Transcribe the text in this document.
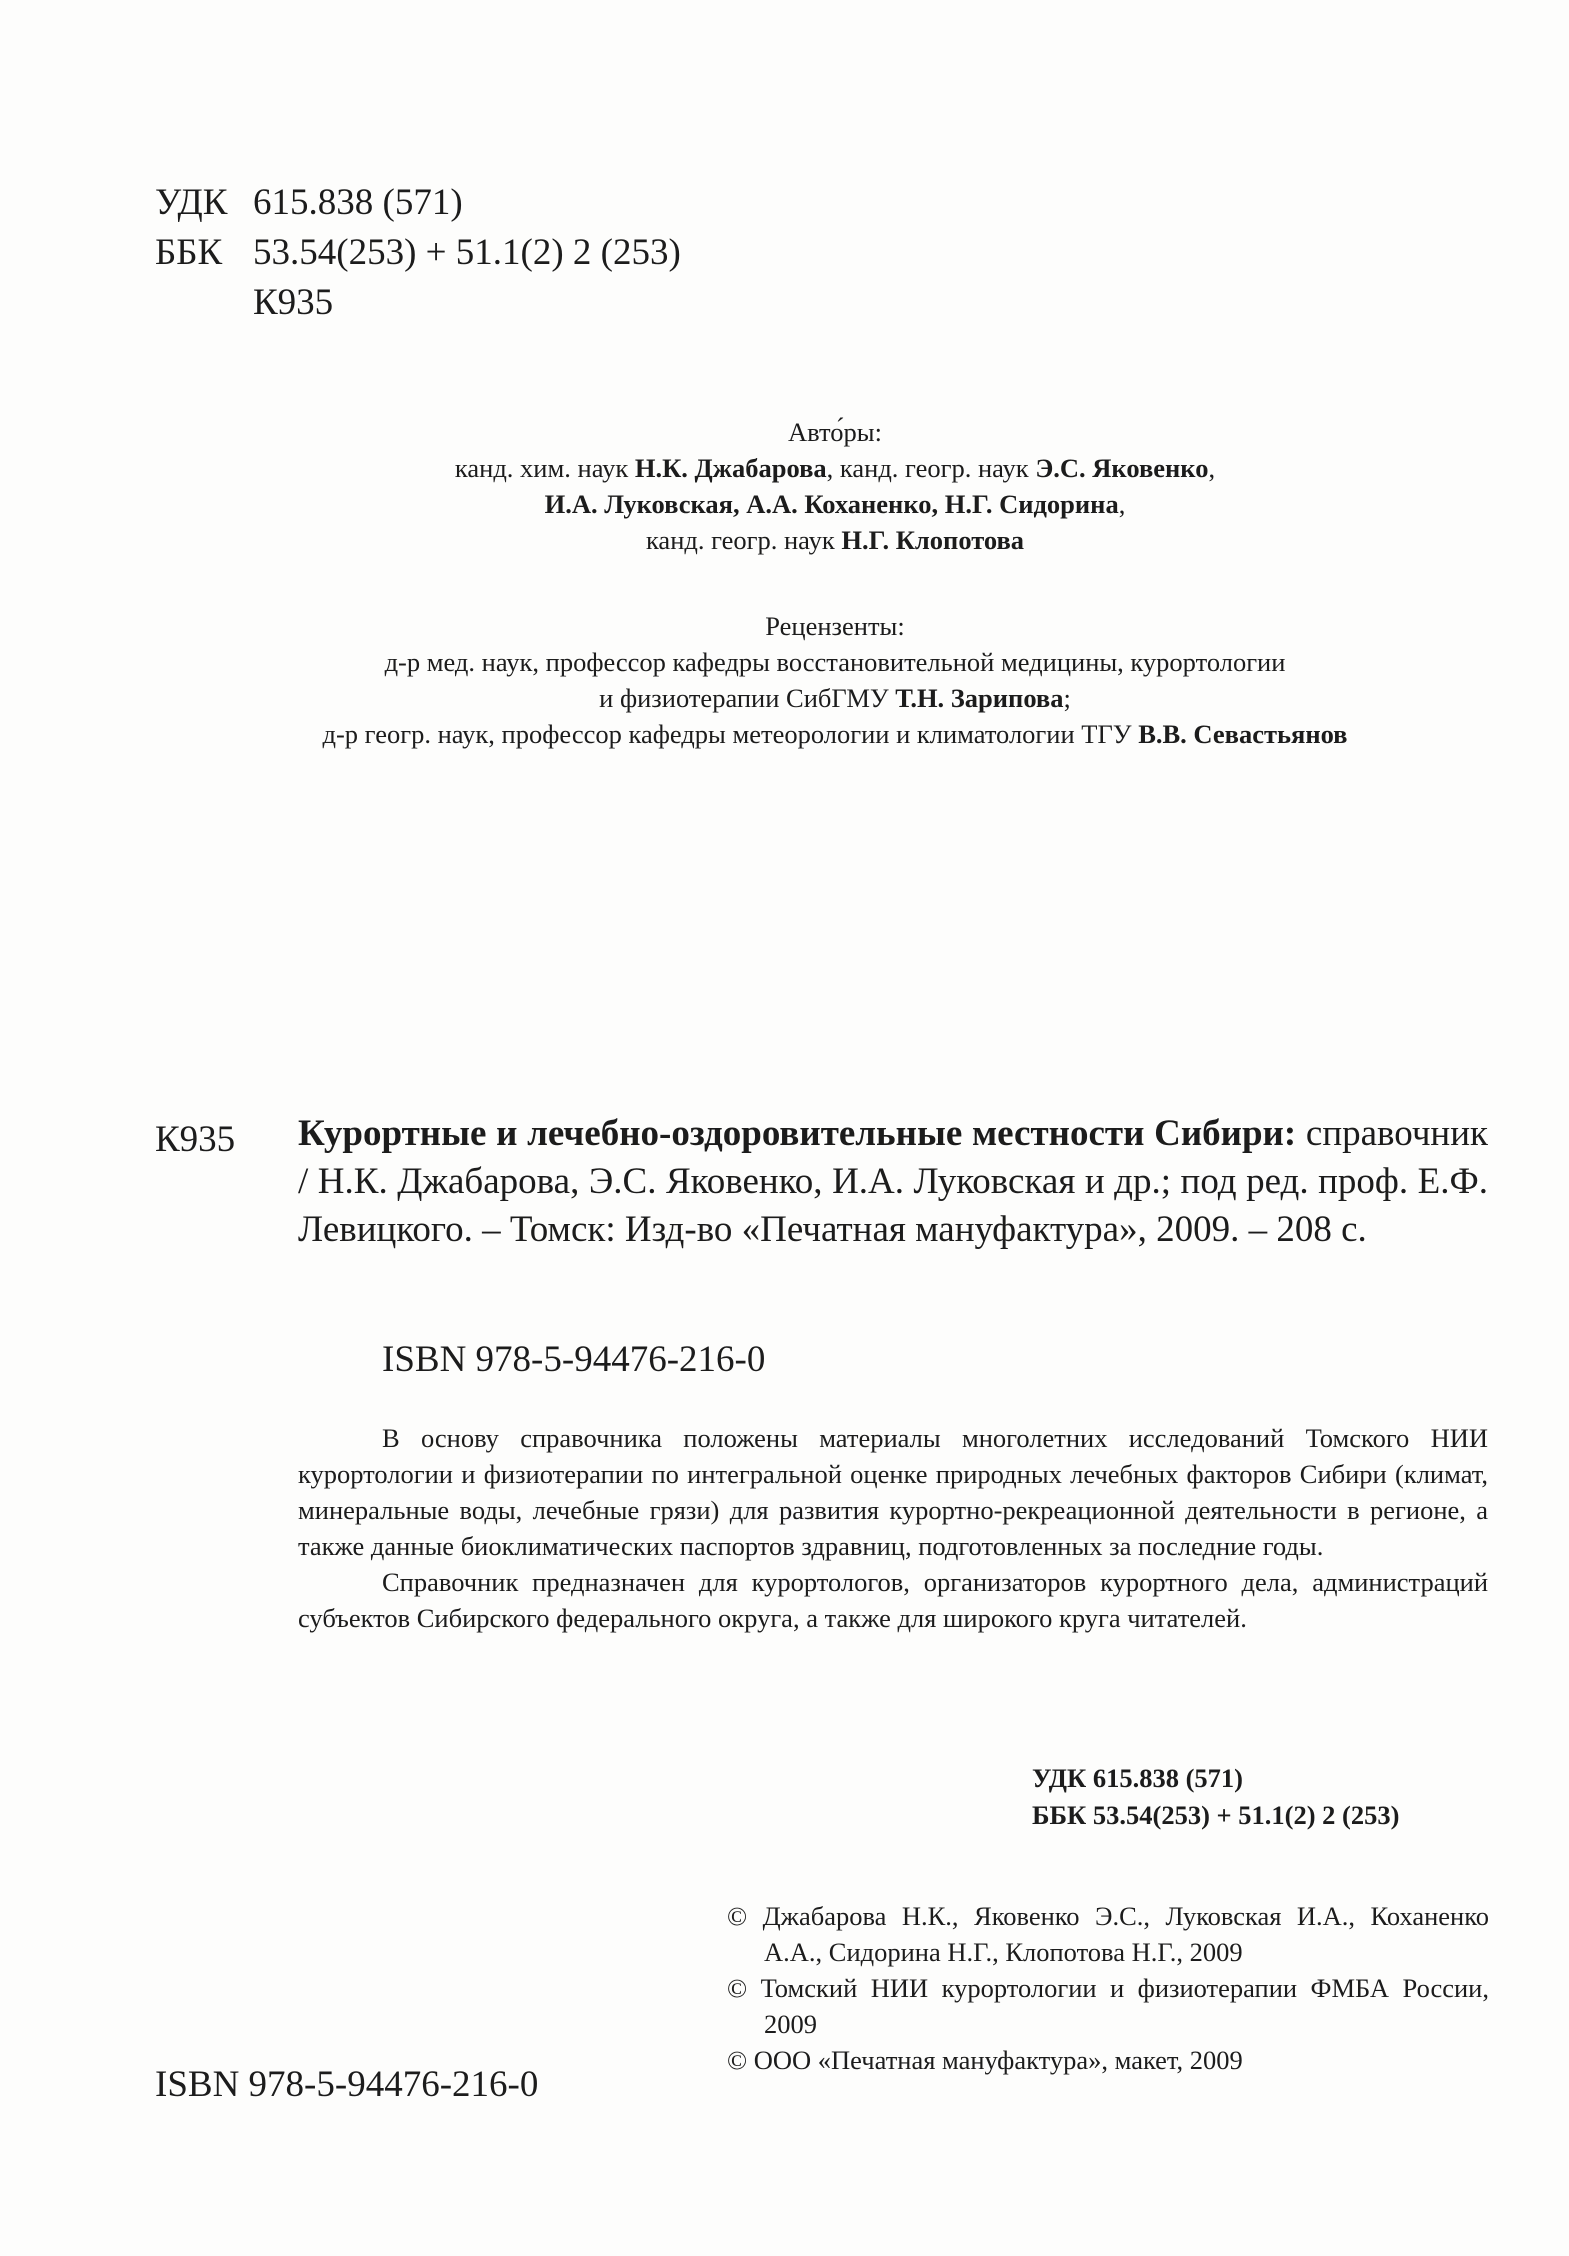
УДК 615.838 (571)
ББК 53.54(253) + 51.1(2) 2 (253)
К935
Авто́ры:
канд. хим. наук Н.К. Джабарова, канд. геогр. наук Э.С. Яковенко,
И.А. Луковская, А.А. Коханенко, Н.Г. Сидорина,
канд. геогр. наук Н.Г. Клопотова
Рецензенты:
д-р мед. наук, профессор кафедры восстановительной медицины, курортологии
и физиотерапии СибГМУ Т.Н. Зарипова;
д-р геогр. наук, профессор кафедры метеорологии и климатологии ТГУ В.В. Севастьянов
К935 Курортные и лечебно-оздоровительные местности Сибири: справочник / Н.К. Джабарова, Э.С. Яковенко, И.А. Луковская и др.; под ред. проф. Е.Ф. Левицкого. – Томск: Изд-во «Печатная мануфактура», 2009. – 208 с.
ISBN 978-5-94476-216-0

В основу справочника положены материалы многолетних исследований Томского НИИ курортологии и физиотерапии по интегральной оценке природных лечебных факторов Сибири (климат, минеральные воды, лечебные грязи) для развития курортно-рекреационной деятельности в регионе, а также данные биоклиматических паспортов здравниц, подготовленных за последние годы.

Справочник предназначен для курортологов, организаторов курортного дела, администраций субъектов Сибирского федерального округа, а также для широкого круга читателей.

УДК 615.838 (571)
ББК 53.54(253) + 51.1(2) 2 (253)
© Джабарова Н.К., Яковенко Э.С., Луковская И.А., Коханенко А.А., Сидорина Н.Г., Клопотова Н.Г., 2009
© Томский НИИ курортологии и физиотерапии ФМБА России, 2009
© ООО «Печатная мануфактура», макет, 2009
ISBN 978-5-94476-216-0
